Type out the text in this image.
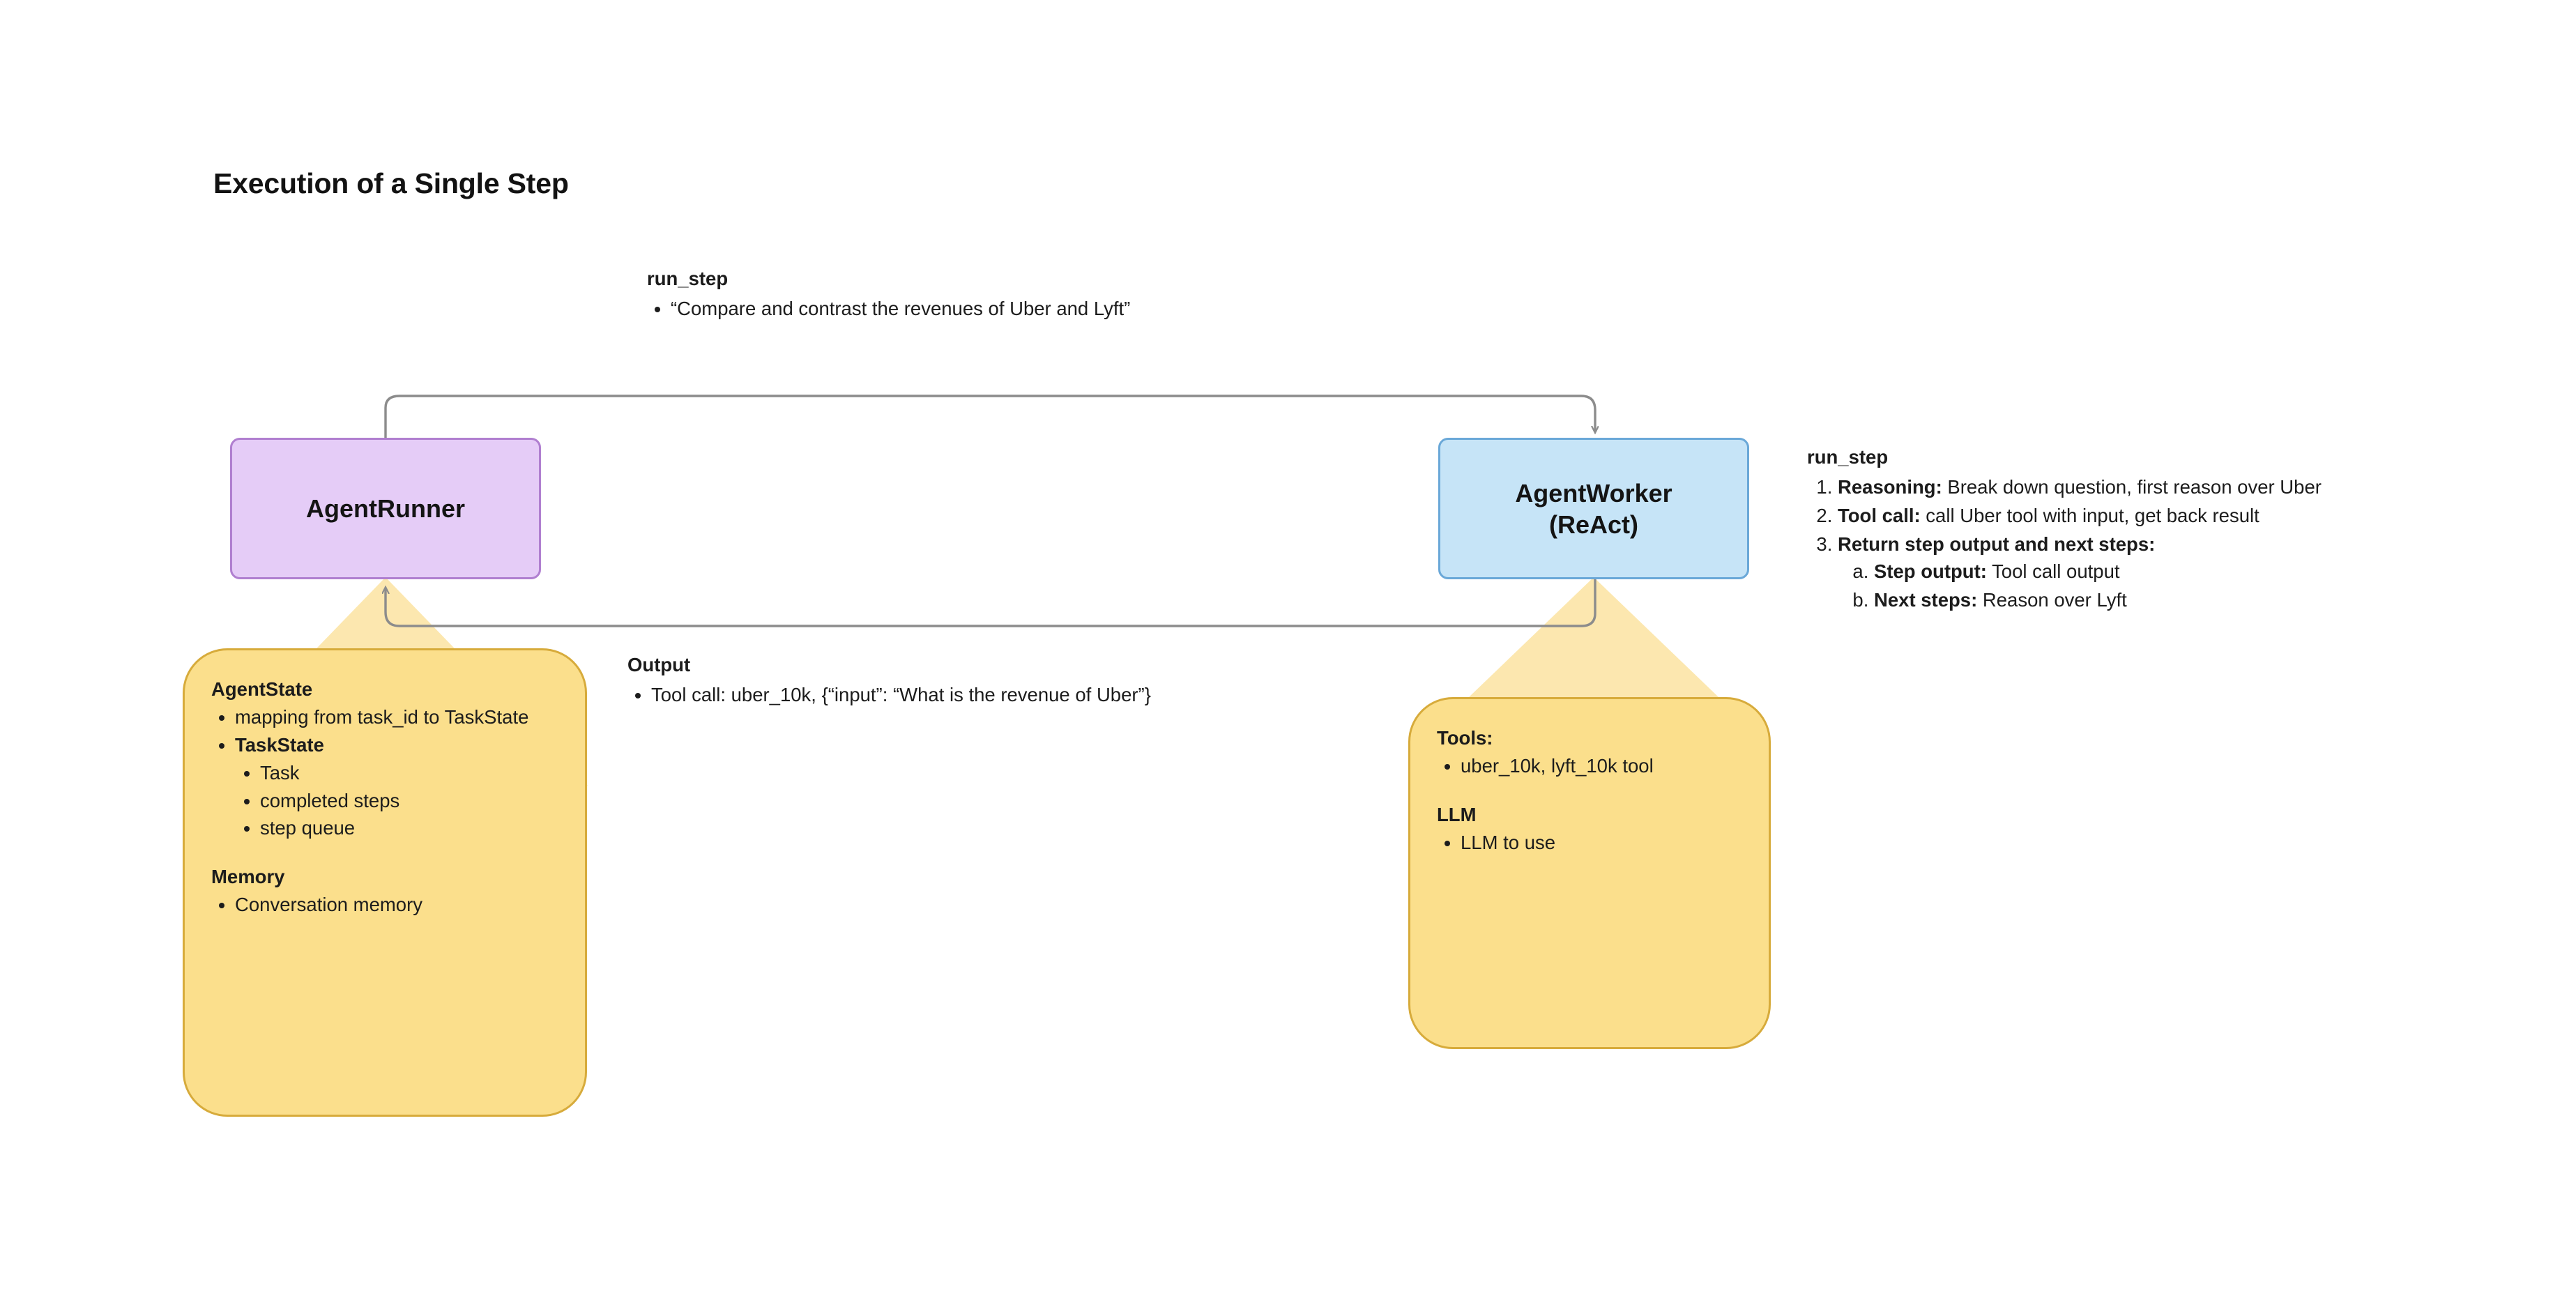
Execution of a Single Step
run_step
• “Compare and contrast the revenues of Uber and Lyft”
AgentRunner
AgentWorker
(ReAct)
Output
• Tool call: uber_10k, {“input”: “What is the revenue of Uber”}
AgentState
• mapping from task_id to TaskState
• TaskState
• Task
• completed steps
• step queue
Memory
• Conversation memory
Tools:
• uber_10k, lyft_10k tool
LLM
• LLM to use
run_step
1. Reasoning: Break down question, first reason over Uber
2. Tool call: call Uber tool with input, get back result
3. Return step output and next steps:
a. Step output: Tool call output
b. Next steps: Reason over Lyft
